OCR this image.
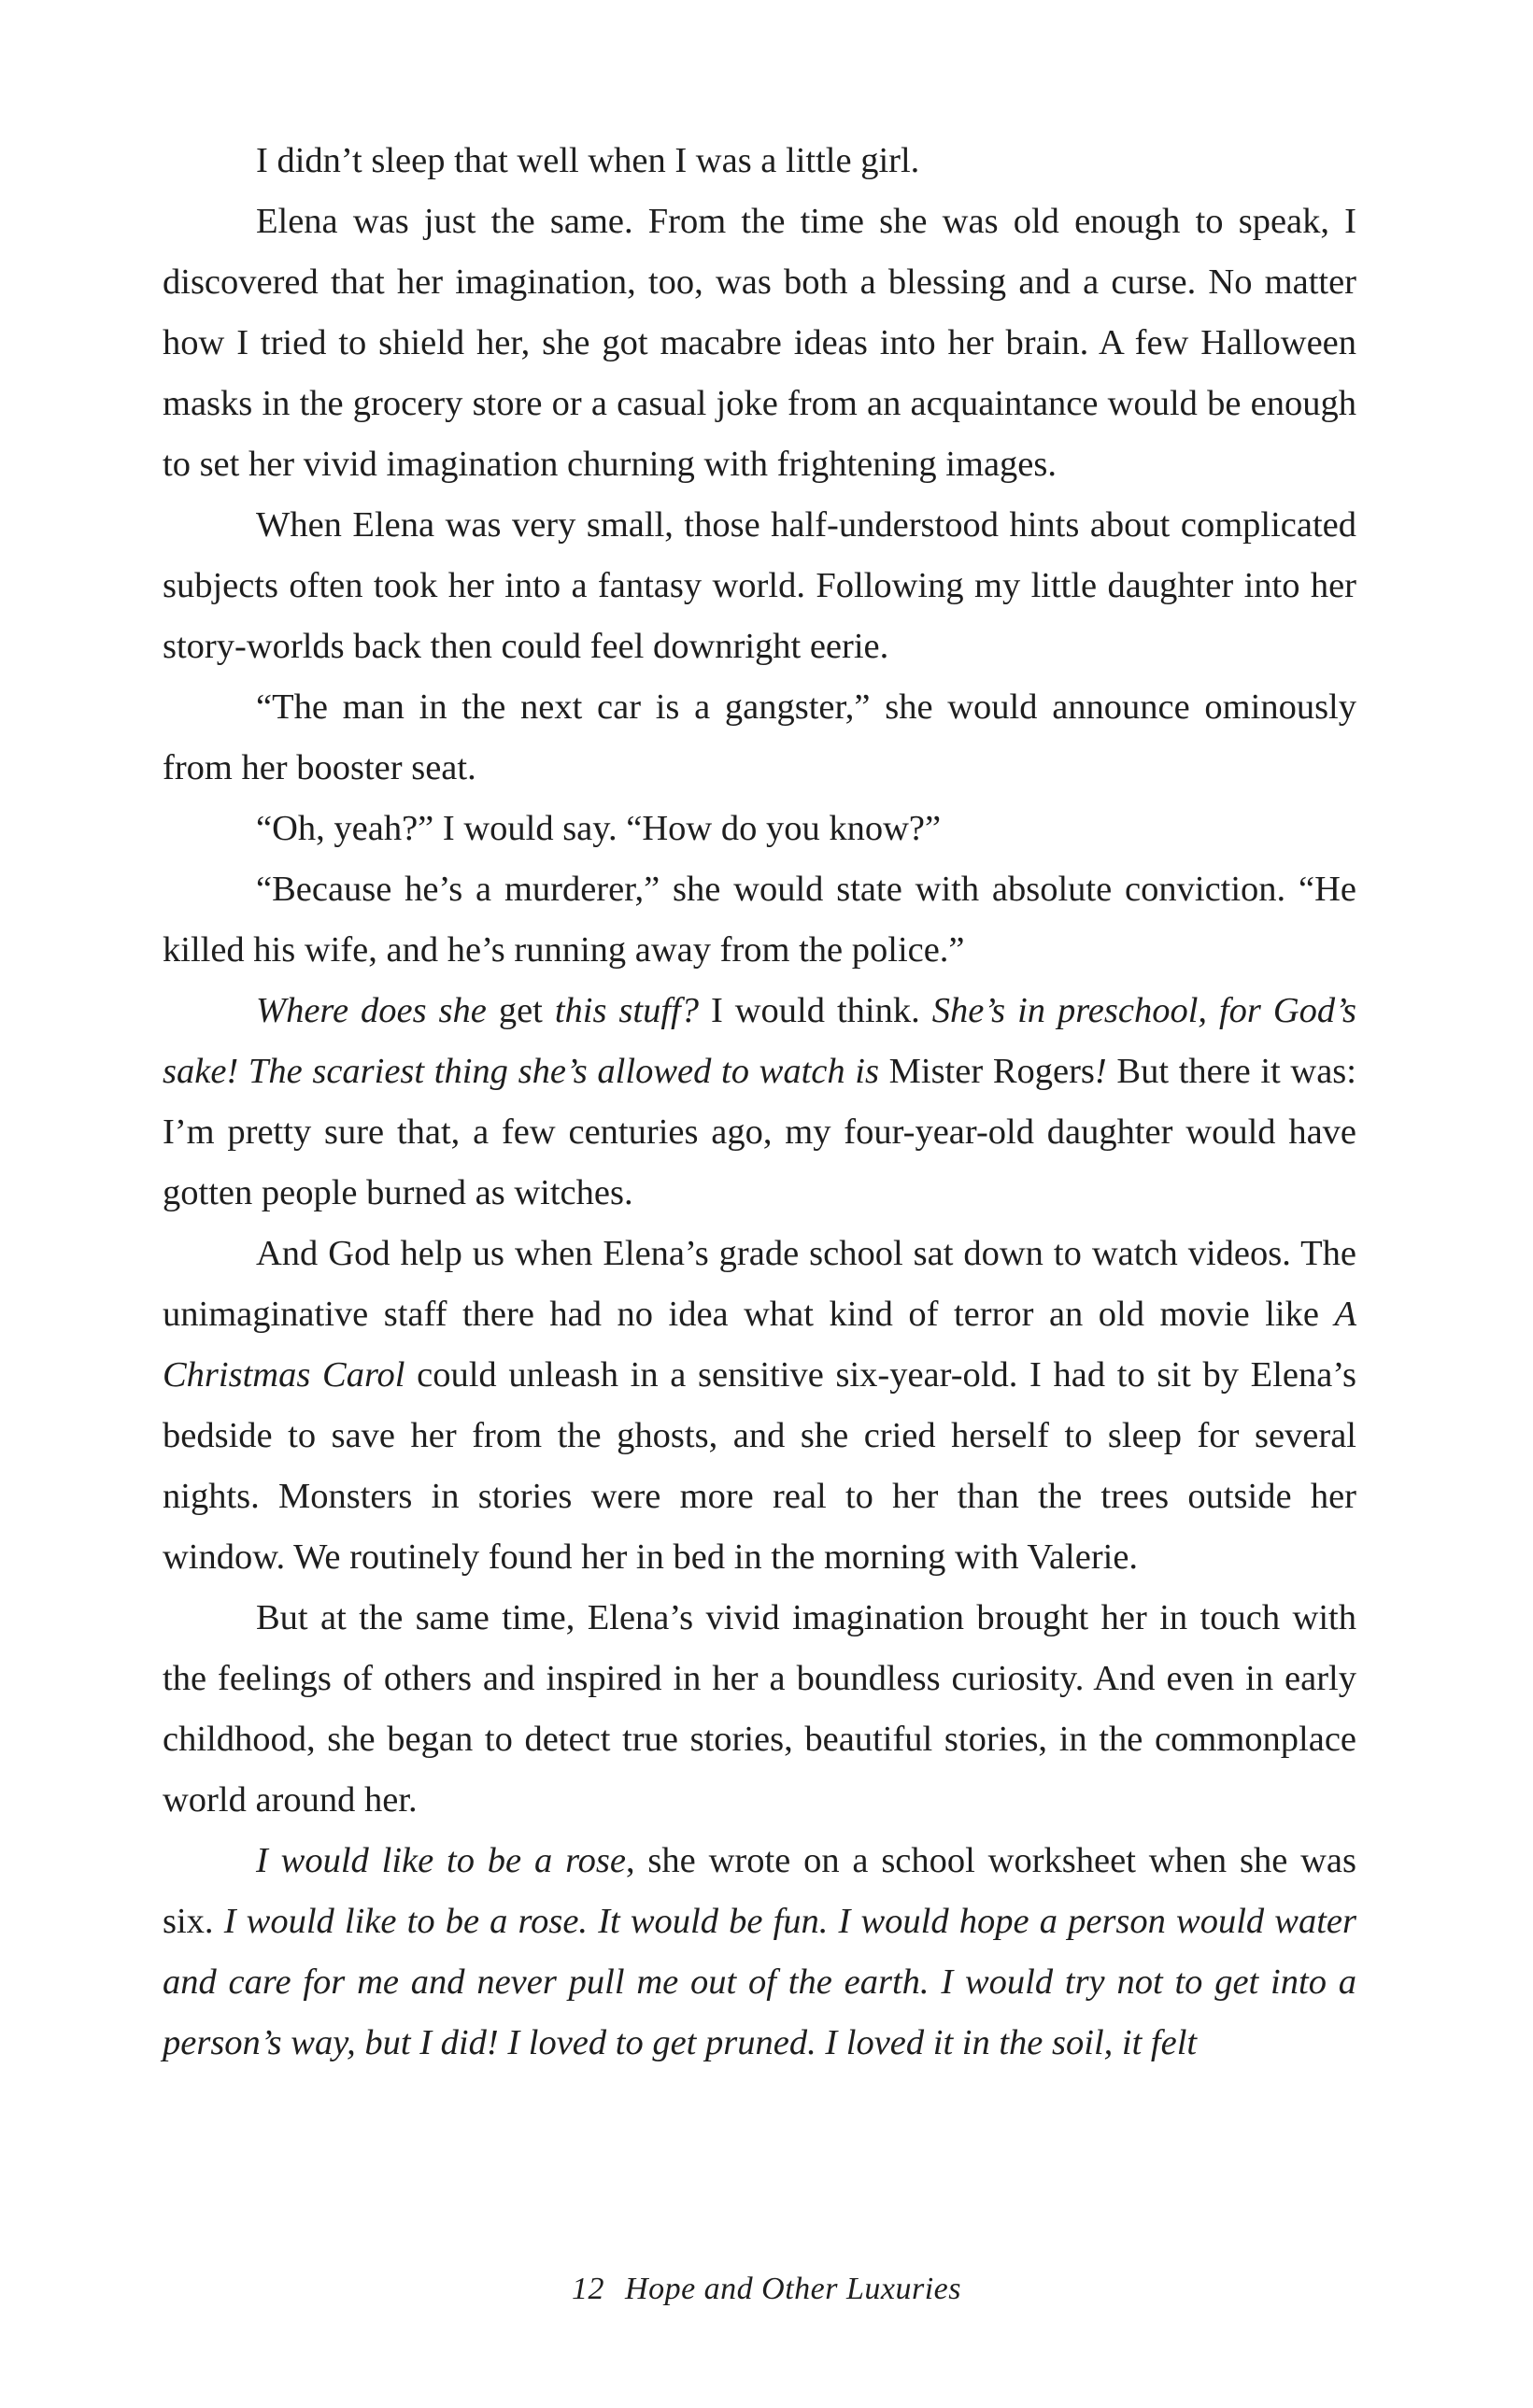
I didn’t sleep that well when I was a little girl.

Elena was just the same. From the time she was old enough to speak, I discovered that her imagination, too, was both a blessing and a curse. No matter how I tried to shield her, she got macabre ideas into her brain. A few Halloween masks in the grocery store or a casual joke from an acquaintance would be enough to set her vivid imagination churning with frightening images.

When Elena was very small, those half-understood hints about complicated subjects often took her into a fantasy world. Following my little daughter into her story-worlds back then could feel downright eerie.

“The man in the next car is a gangster,” she would announce ominously from her booster seat.

“Oh, yeah?” I would say. “How do you know?”

“Because he’s a murderer,” she would state with absolute conviction. “He killed his wife, and he’s running away from the police.”

Where does she get this stuff? I would think. She’s in preschool, for God’s sake! The scariest thing she’s allowed to watch is Mister Rogers! But there it was: I’m pretty sure that, a few centuries ago, my four-year-old daughter would have gotten people burned as witches.

And God help us when Elena’s grade school sat down to watch videos. The unimaginative staff there had no idea what kind of terror an old movie like A Christmas Carol could unleash in a sensitive six-year-old. I had to sit by Elena’s bedside to save her from the ghosts, and she cried herself to sleep for several nights. Monsters in stories were more real to her than the trees outside her window. We routinely found her in bed in the morning with Valerie.

But at the same time, Elena’s vivid imagination brought her in touch with the feelings of others and inspired in her a boundless curiosity. And even in early childhood, she began to detect true stories, beautiful stories, in the commonplace world around her.

I would like to be a rose, she wrote on a school worksheet when she was six. I would like to be a rose. It would be fun. I would hope a person would water and care for me and never pull me out of the earth. I would try not to get into a person’s way, but I did! I loved to get pruned. I loved it in the soil, it felt

12 Hope and Other Luxuries
